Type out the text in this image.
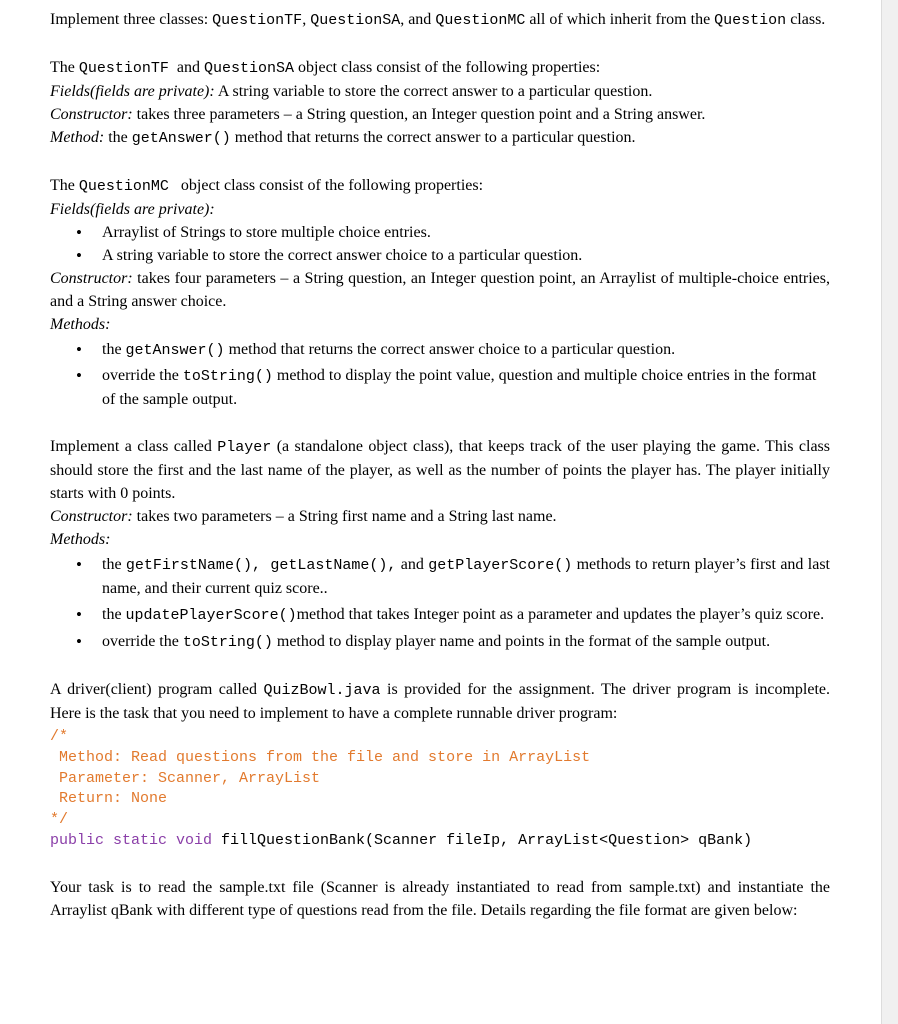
Implement three classes: QuestionTF, QuestionSA, and QuestionMC all of which inherit from the Question class.

The QuestionTF and QuestionSA object class consist of the following properties:

Fields(fields are private): A string variable to store the correct answer to a particular question.

Constructor: takes three parameters – a String question, an Integer question point and a String answer.

Method: the getAnswer() method that returns the correct answer to a particular question.

The QuestionMC   object class consist of the following properties:

Fields(fields are private):

• Arraylist of Strings to store multiple choice entries.
• A string variable to store the correct answer choice to a particular question.

Constructor: takes four parameters – a String question, an Integer question point, an Arraylist of multiple-choice entries, and a String answer choice.

Methods:

• the getAnswer() method that returns the correct answer choice to a particular question.
• override the toString() method to display the point value, question and multiple choice entries in the format of the sample output.

Implement a class called Player (a standalone object class), that keeps track of the user playing the game. This class should store the first and the last name of the player, as well as the number of points the player has. The player initially starts with 0 points.

Constructor: takes two parameters – a String first name and a String last name.

Methods:

• the getFirstName(), getLastName(), and getPlayerScore() methods to return player’s first and last name, and their current quiz score..
• the updatePlayerScore()method that takes Integer point as a parameter and updates the player’s quiz score.
• override the toString() method to display player name and points in the format of the sample output.

A driver(client) program called QuizBowl.java is provided for the assignment. The driver program is incomplete. Here is the task that you need to implement to have a complete runnable driver program:

/*
Method: Read questions from the file and store in ArrayList
Parameter: Scanner, ArrayList
Return: None
*/
public static void fillQuestionBank(Scanner fileIp, ArrayList<Question> qBank)

Your task is to read the sample.txt file (Scanner is already instantiated to read from sample.txt) and instantiate the Arraylist qBank with different type of questions read from the file. Details regarding the file format are given below:
